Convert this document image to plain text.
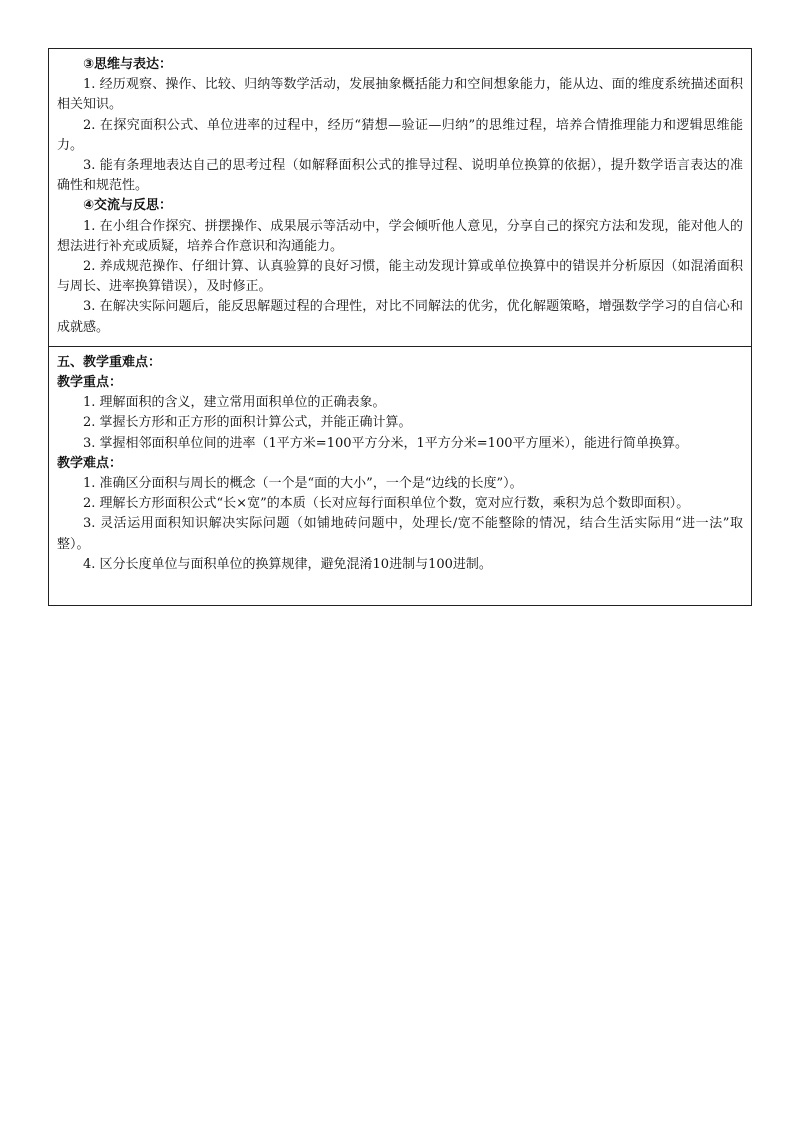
③思维与表达：

1. 经历观察、操作、比较、归纳等数学活动，发展抽象概括能力和空间想象能力，能从边、面的维度系统描述面积相关知识。

2. 在探究面积公式、单位进率的过程中，经历“猜想—验证—归纳”的思维过程，培养合情推理能力和逻辑思维能力。

3. 能有条理地表达自己的思考过程（如解释面积公式的推导过程、说明单位换算的依据），提升数学语言表达的准确性和规范性。

④交流与反思：

1. 在小组合作探究、拼摆操作、成果展示等活动中，学会倾听他人意见，分享自己的探究方法和发现，能对他人的想法进行补充或质疑，培养合作意识和沟通能力。

2. 养成规范操作、仔细计算、认真验算的良好习惯，能主动发现计算或单位换算中的错误并分析原因（如混淆面积与周长、进率换算错误），及时修正。

3. 在解决实际问题后，能反思解题过程的合理性，对比不同解法的优劣，优化解题策略，增强数学学习的自信心和成就感。

五、教学重难点：

教学重点：

1. 理解面积的含义，建立常用面积单位的正确表象。

2. 掌握长方形和正方形的面积计算公式，并能正确计算。

3. 掌握相邻面积单位间的进率（1平方米=100平方分米，1平方分米=100平方厘米），能进行简单换算。

教学难点：

1. 准确区分面积与周长的概念（一个是“面的大小”，一个是“边线的长度”）。

2. 理解长方形面积公式“长×宽”的本质（长对应每行面积单位个数，宽对应行数，乘积为总个数即面积）。

3. 灵活运用面积知识解决实际问题（如铺地砖问题中，处理长/宽不能整除的情况，结合生活实际用“进一法”取整）。

4. 区分长度单位与面积单位的换算规律，避免混淆10进制与100进制。
